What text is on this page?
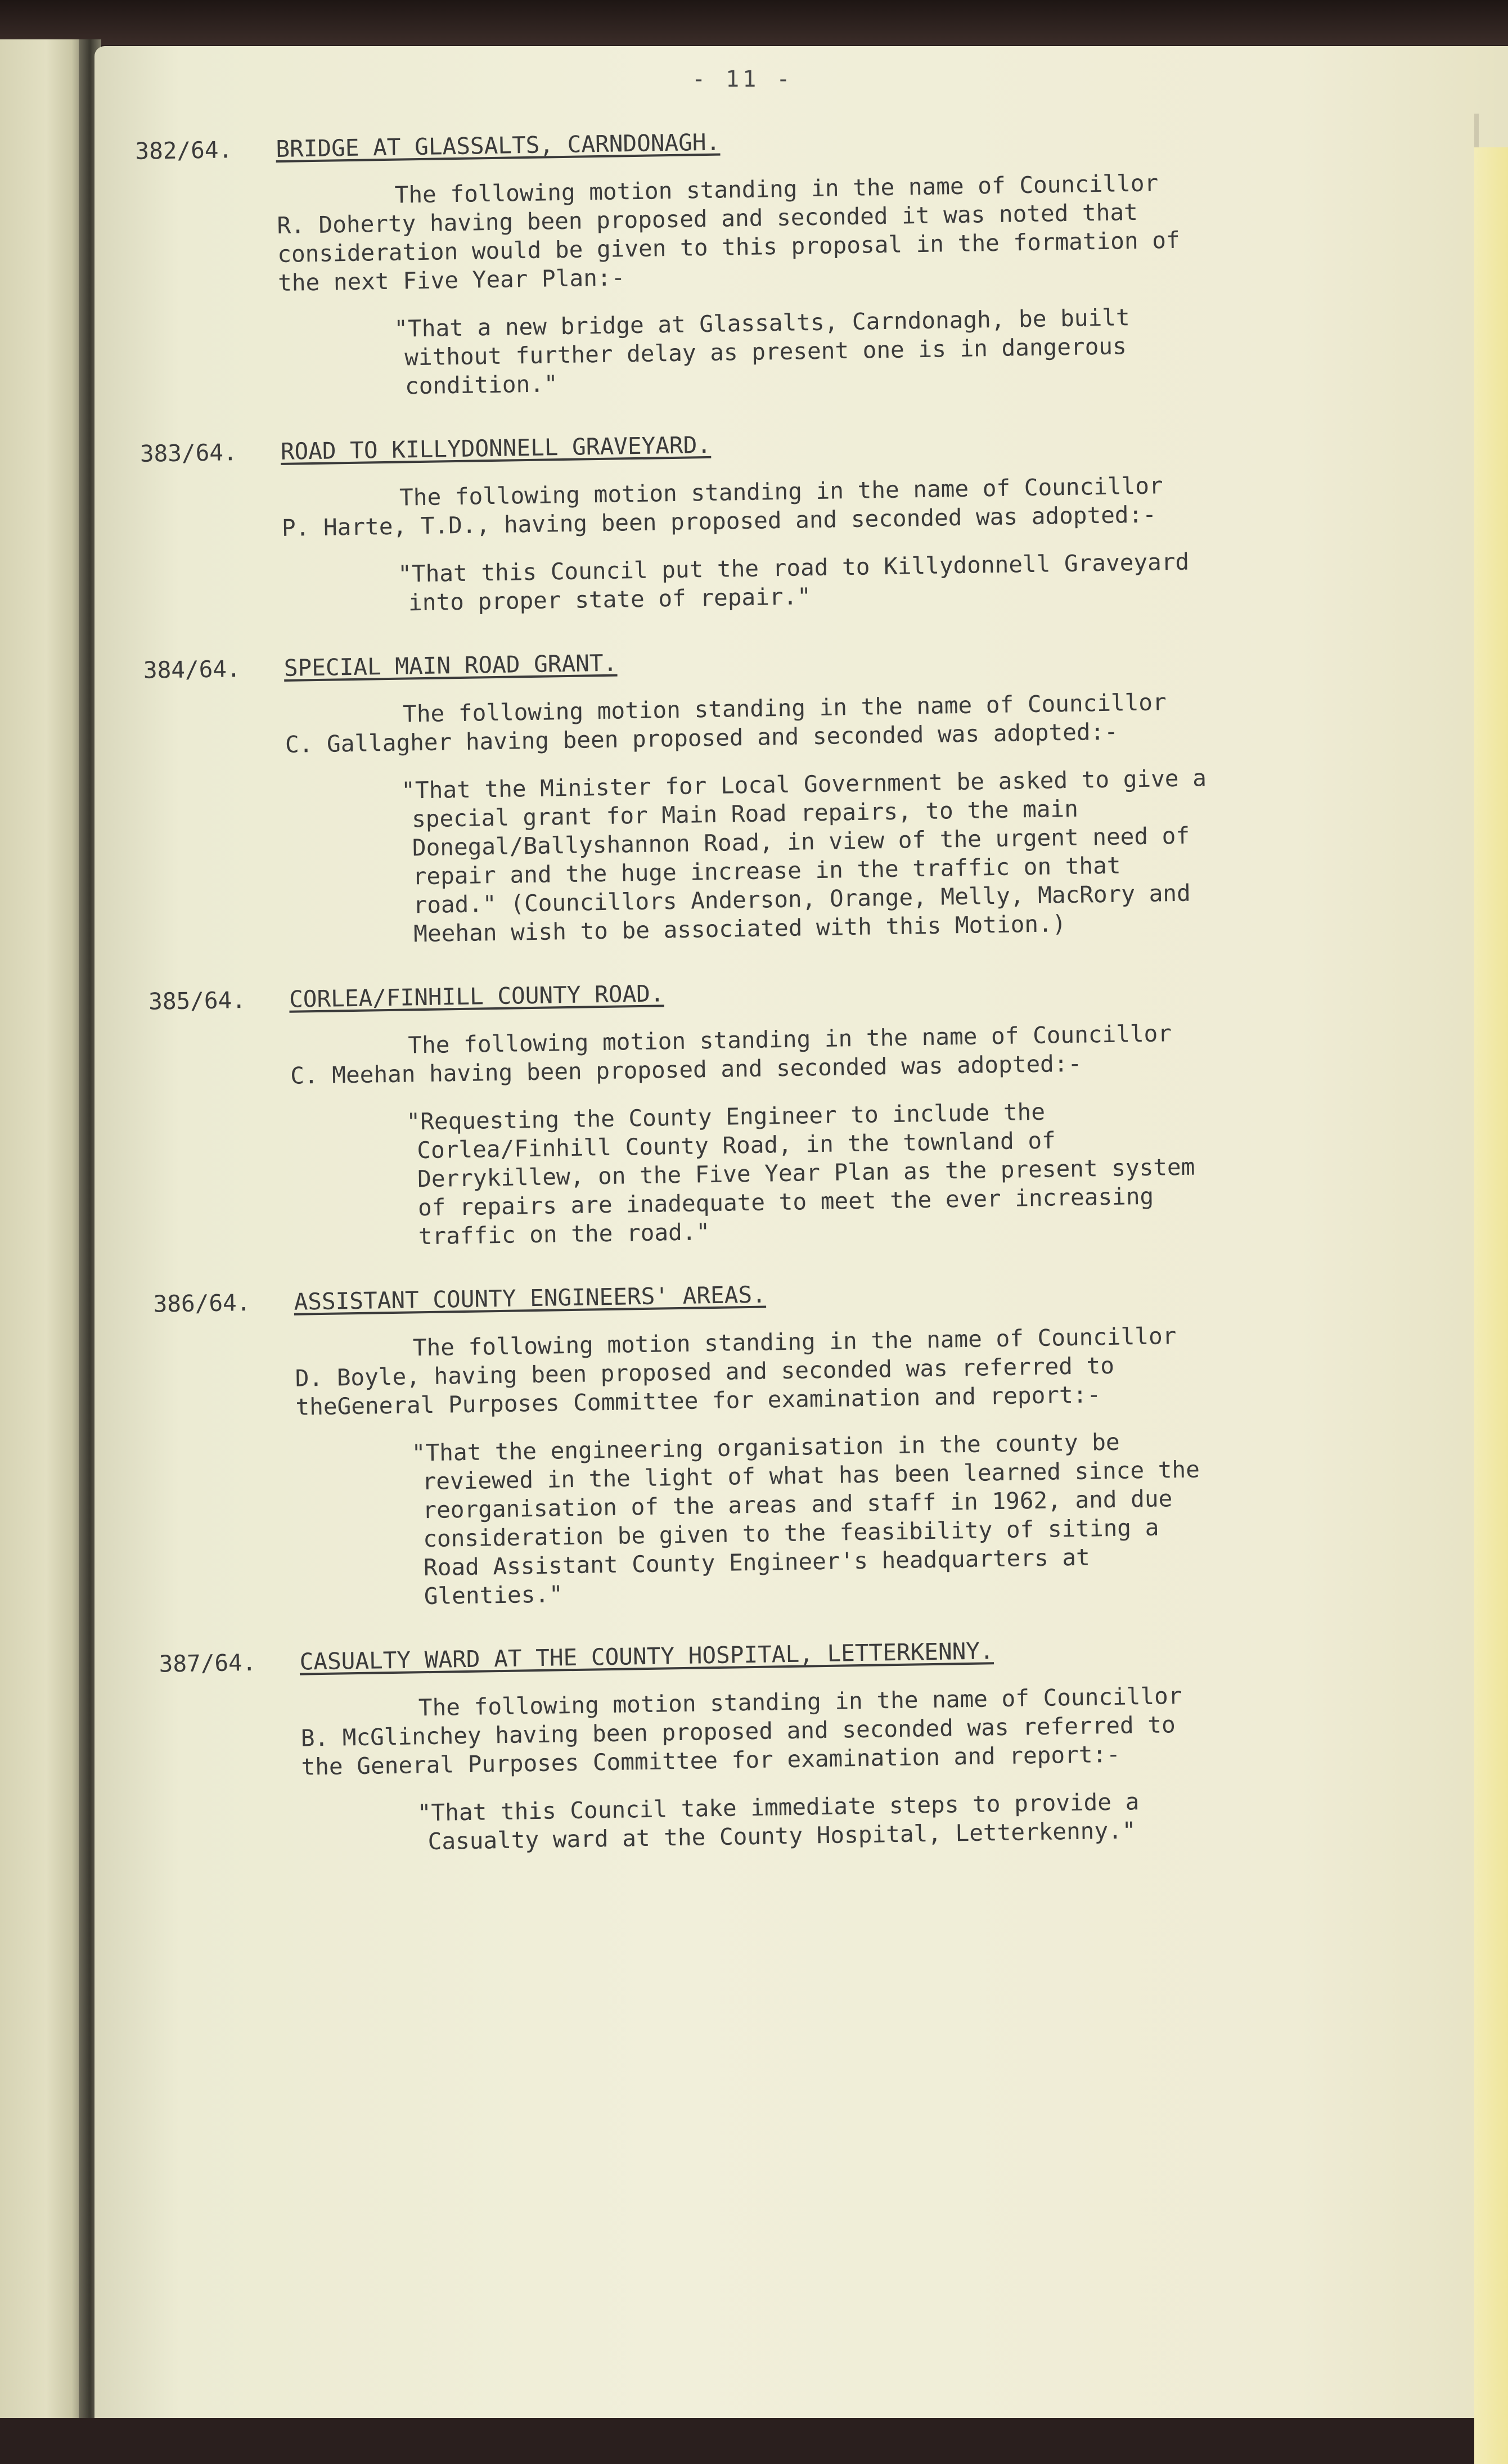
- 11 -
382/64.	BRIDGE AT GLASSALTS, CARNDONAGH.

The following motion standing in the name of Councillor R. Doherty having been proposed and seconded it was noted that consideration would be given to this proposal in the formation of the next Five Year Plan:-

"That a new bridge at Glassalts, Carndonagh, be built without further delay as present one is in dangerous condition."

383/64.	ROAD TO KILLYDONNELL GRAVEYARD.

The following motion standing in the name of Councillor P. Harte, T.D., having been proposed and seconded was adopted:-

"That this Council put the road to Killydonnell Graveyard into proper state of repair."

384/64.	SPECIAL MAIN ROAD GRANT.

The following motion standing in the name of Councillor C. Gallagher having been proposed and seconded was adopted:-

"That the Minister for Local Government be asked to give a special grant for Main Road repairs, to the main Donegal/Ballyshannon Road, in view of the urgent need of repair and the huge increase in the traffic on that road." (Councillors Anderson, Orange, Melly, MacRory and Meehan wish to be associated with this Motion.)

385/64.	CORLEA/FINHILL COUNTY ROAD.

The following motion standing in the name of Councillor C. Meehan having been proposed and seconded was adopted:-

"Requesting the County Engineer to include the Corlea/Finhill County Road, in the townland of Derrykillew, on the Five Year Plan as the present system of repairs are inadequate to meet the ever increasing traffic on the road."

386/64.	ASSISTANT COUNTY ENGINEERS' AREAS.

The following motion standing in the name of Councillor D. Boyle, having been proposed and seconded was referred to theGeneral Purposes Committee for examination and report:-

"That the engineering organisation in the county be reviewed in the light of what has been learned since the reorganisation of the areas and staff in 1962, and due consideration be given to the feasibility of siting a Road Assistant County Engineer's headquarters at Glenties."

387/64.	CASUALTY WARD AT THE COUNTY HOSPITAL, LETTERKENNY.

The following motion standing in the name of Councillor B. McGlinchey having been proposed and seconded was referred to the General Purposes Committee for examination and report:-

"That this Council take immediate steps to provide a Casualty ward at the County Hospital, Letterkenny."
